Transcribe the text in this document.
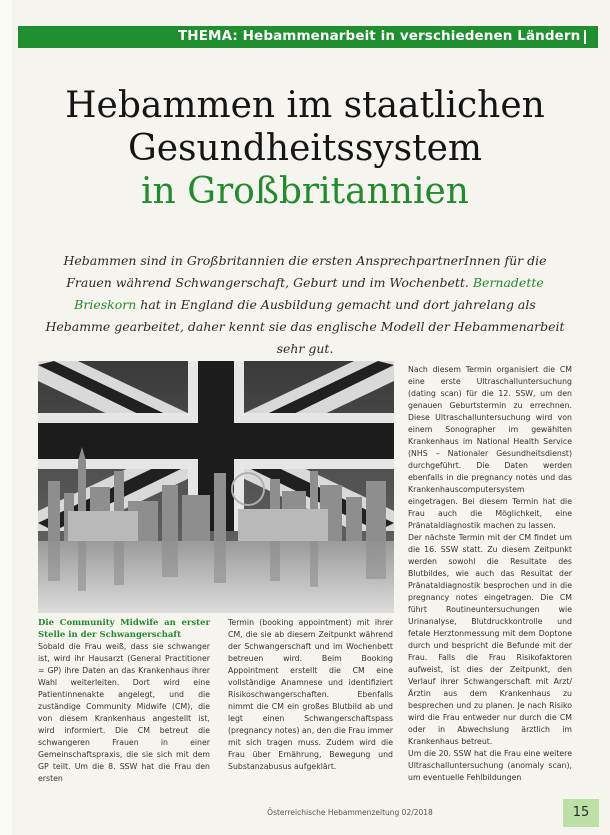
THEMA: Hebammenarbeit in verschiedenen Ländern
Hebammen im staatlichen
Gesundheitssystem
in Großbritannien
Hebammen sind in Großbritannien die ersten AnsprechpartnerInnen für die Frauen während Schwangerschaft, Geburt und im Wochenbett. Bernadette Brieskorn hat in England die Ausbildung gemacht und dort jahrelang als Hebamme gearbeitet, daher kennt sie das englische Modell der Hebammenarbeit sehr gut.

Die Community Midwife an erster Stelle in der Schwangerschaft

Sobald die Frau weiß, dass sie schwanger ist, wird ihr Hausarzt (General Practitioner = GP) ihre Daten an das Krankenhaus ihrer Wahl weiterleiten. Dort wird eine Patientinnenakte angelegt, und die zuständige Community Midwife (CM), die von diesem Krankenhaus angestellt ist, wird informiert. Die CM betreut die schwangeren Frauen in einer Gemeinschaftspraxis, die sie sich mit dem GP teilt. Um die 8. SSW hat die Frau den ersten

Termin (booking appointment) mit ihrer CM, die sie ab diesem Zeitpunkt während der Schwangerschaft und im Wochenbett betreuen wird. Beim Booking Appointment erstellt die CM eine vollständige Anamnese und identifiziert Risikoschwangerschaften. Ebenfalls nimmt die CM ein großes Blutbild ab und legt einen Schwangerschaftspass (pregnancy notes) an, den die Frau immer mit sich tragen muss. Zudem wird die Frau über Ernährung, Bewegung und Substanzabusus aufgeklärt.

Nach diesem Termin organisiert die CM eine erste Ultraschalluntersuchung (dating scan) für die 12. SSW, um den genauen Geburtstermin zu errechnen. Diese Ultraschalluntersuchung wird von einem Sonographer im gewählten Krankenhaus im National Health Service (NHS – Nationaler Gesundheitsdienst) durchgeführt. Die Daten werden ebenfalls in die pregnancy notes und das Krankenhauscomputersystem eingetragen. Bei diesem Termin hat die Frau auch die Möglichkeit, eine Pränataldiagnostik machen zu lassen.

Der nächste Termin mit der CM findet um die 16. SSW statt. Zu diesem Zeitpunkt werden sowohl die Resultate des Blutbildes, wie auch das Resultat der Pränataldiagnostik besprochen und in die pregnancy notes eingetragen. Die CM führt Routineuntersuchungen wie Urinanalyse, Blutdruckkontrolle und fetale Herztonmessung mit dem Doptone durch und bespricht die Befunde mit der Frau. Falls die Frau Risikofaktoren aufweist, ist dies der Zeitpunkt, den Verlauf ihrer Schwangerschaft mit Arzt/Ärztin aus dem Krankenhaus zu besprechen und zu planen. Je nach Risiko wird die Frau entweder nur durch die CM oder in Abwechslung ärztlich im Krankenhaus betreut.

Um die 20. SSW hat die Frau eine weitere Ultraschalluntersuchung (anomaly scan), um eventuelle Fehlbildungen

Österreichische Hebammenzeitung 02/2018	15
